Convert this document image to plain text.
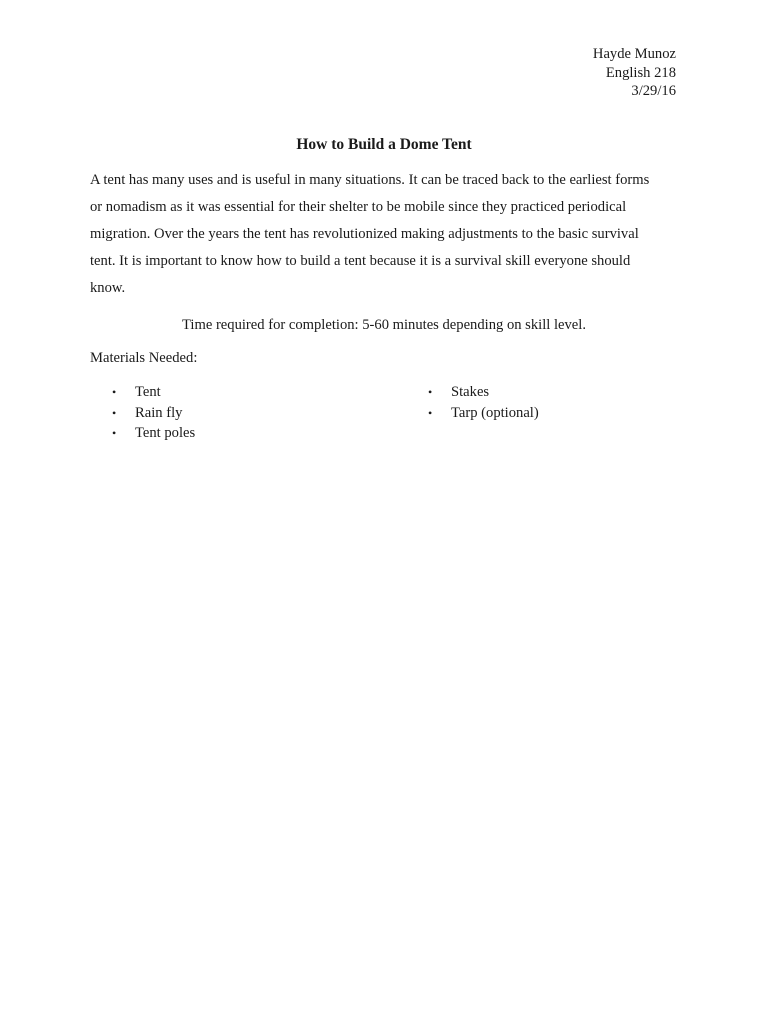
Hayde Munoz
English 218
3/29/16
How to Build a Dome Tent

A tent has many uses and is useful in many situations. It can be traced back to the earliest forms
or nomadism as it was essential for their shelter to be mobile since they practiced periodical
migration. Over the years the tent has revolutionized making adjustments to the basic survival
tent. It is important to know how to build a tent because it is a survival skill everyone should
know.

Time required for completion: 5-60 minutes depending on skill level.
Materials Needed:
• Tent
• Rain fly
• Tent poles
• Stakes
• Tarp (optional)
